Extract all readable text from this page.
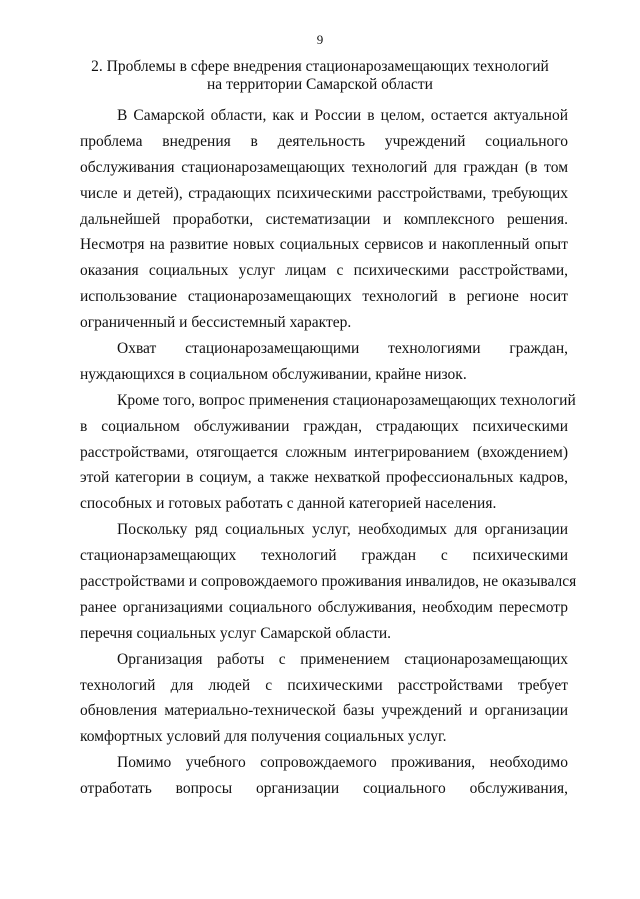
9
2. Проблемы в сфере внедрения стационарозамещающих технологий
на территории Самарской области
В Самарской области, как и России в целом, остается актуальной
проблема внедрения в деятельность учреждений социального
обслуживания стационарозамещающих технологий для граждан (в том
числе и детей), страдающих психическими расстройствами, требующих
дальнейшей проработки, систематизации и комплексного решения.
Несмотря на развитие новых социальных сервисов и накопленный опыт
оказания социальных услуг лицам с психическими расстройствами,
использование стационарозамещающих технологий в регионе носит
ограниченный и бессистемный характер.
Охват стационарозамещающими технологиями граждан,
нуждающихся в социальном обслуживании, крайне низок.
Кроме того, вопрос применения стационарозамещающих технологий
в социальном обслуживании граждан, страдающих психическими
расстройствами, отягощается сложным интегрированием (вхождением)
этой категории в социум, а также нехваткой профессиональных кадров,
способных и готовых работать с данной категорией населения.
Поскольку ряд социальных услуг, необходимых для организации
стационарзамещающих технологий граждан с психическими
расстройствами и сопровождаемого проживания инвалидов, не оказывался
ранее организациями социального обслуживания, необходим пересмотр
перечня социальных услуг Самарской области.
Организация работы с применением стационарозамещающих
технологий для людей с психическими расстройствами требует
обновления материально-технической базы учреждений и организации
комфортных условий для получения социальных услуг.
Помимо учебного сопровождаемого проживания, необходимо
отработать вопросы организации социального обслуживания,
